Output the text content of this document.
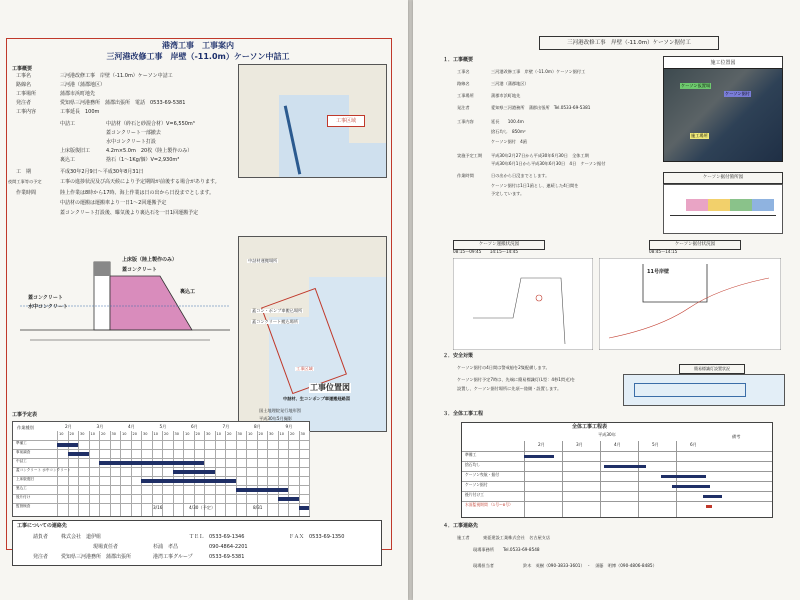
港湾工事　工事案内
三河港改修工事　岸壁（-11.0m）ケーソン中詰工
工事概要
工事名	三河港改修工事　岸壁（-11.0m）ケーソン中詰工
路線名	三河港（蒲郡地区）
工事場所	蒲郡市浜町地先
発注者	愛知県三河港務所　蒲郡出張所　電話　0533-69-5381
工事内容	工事延長　100m
中詰工	中詰材（砕石と砂混合材）V=6,550m³
蓋コンクリート一部撤去
水中コンクリート打設
上床版復旧工	4.2m×5.0m　20枚（陸上製作のみ）
裏込工	捨石（1～1Kg/個）V=2,930m³
工　期	平成30年2月9日～平成30年8月31日
夜間工事等の予定	工事の進捗状況及び高天候により予定期間が前後する場合があります。
作業時間	陸上作業は8時から17時、海上作業は日の出から日没までとします。
中詰材の運搬は運搬車より一日1～2回運搬予定
蓋コンクリート打設後、曝気後より裏込石を一日1回運搬予定
工事区域
上床版（陸上製作のみ）
蓋コンクリート
裏込工
蓋コンクリート
水中コンクリート
中詰材運搬場所
蓋コン・ポンプ車搬込場所
蓋コンクリート搬込場所
工事区域
工事位置図
中詰材、生コンポンプ車運搬経路図
国土地理院発行地形図
平成30年5月撮影
工事予定表
作業種別	2月	3月	4月	5月	6月	7月	8月	9月
10 20 30 10 20 30 10 20 30 10 20 30 10 20 30 10 20 30 10 20 30 10 20 30
準備工
事前調査
中詰工
蓋コンクリート 水中コンクリート
上床版復旧
裏込工
後片付け
監督検査	3/16	4/30（予定）	8/31
工事についての連絡先
請負者	株式会社　道伊組	ＴＥＬ 0533-69-1346	ＦＡＸ 0533-69-1350
現場責任者	杉浦　孝昌	090-4864-2201
発注者	愛知県三河港務所　蒲郡出張所	港湾工事グループ	0533-69-5381
三河港改修工事　岸壁（-11.0m）ケーソン据付工
１．工事概要
工事名	三河港改修工事　岸壁（-11.0m）ケーソン据付工
路線名	三河港（蒲郡地区）
工事場所	蒲郡市浜町地先
発注者	愛知県三河港務所　蒲郡出張所　Tel.0533-69-5381
工事内容	延長　　100.4m
捨石均し　850m²
ケーソン据付　4函
実施予定工期 平成30年2月27日から平成30年6月30日　全体工期
平成30年6月1日から平成30年6月30日　4日　ケーソン据付
作業時間	日の出から日没までとします。
ケーソン据付は1日1函とし、連続した4日間を
予定しています。
施工位置図
ケーソン仮置場
ケーソン据付
施工場所
ケーソン据付箇所図
ケーソン運搬状況図
08:15～09:45　　14:15～14:45
ケーソン据付状況図
08:45～14:15
11号岸壁
２．安全対策
ケーソン据付の4日間は警戒船を2隻配備します。
ケーソン据付予定7時は、先端に簡易標識灯(L型：4秒1閃光)を
設置し、ケーソン据付場所に先頃～陸側・設置します。
簡易標識灯設置状況
３．全体工事工程
全体工事工程表
平成30年	備考
2月	3月	4月	5月	6月
準備工
捨石均し
ケーソン曳航・据付
ケーソン据付
後片付け工
水面監視期間 （1号～8号）
４．工事連絡先
施工者	東亜建設工業株式会社　名古屋支店
現場事務所 Tel.0533-69-8548
現場担当者	鈴木　英樹（090-3833-3601）　・　須藤　明博（090-4806-8485）
